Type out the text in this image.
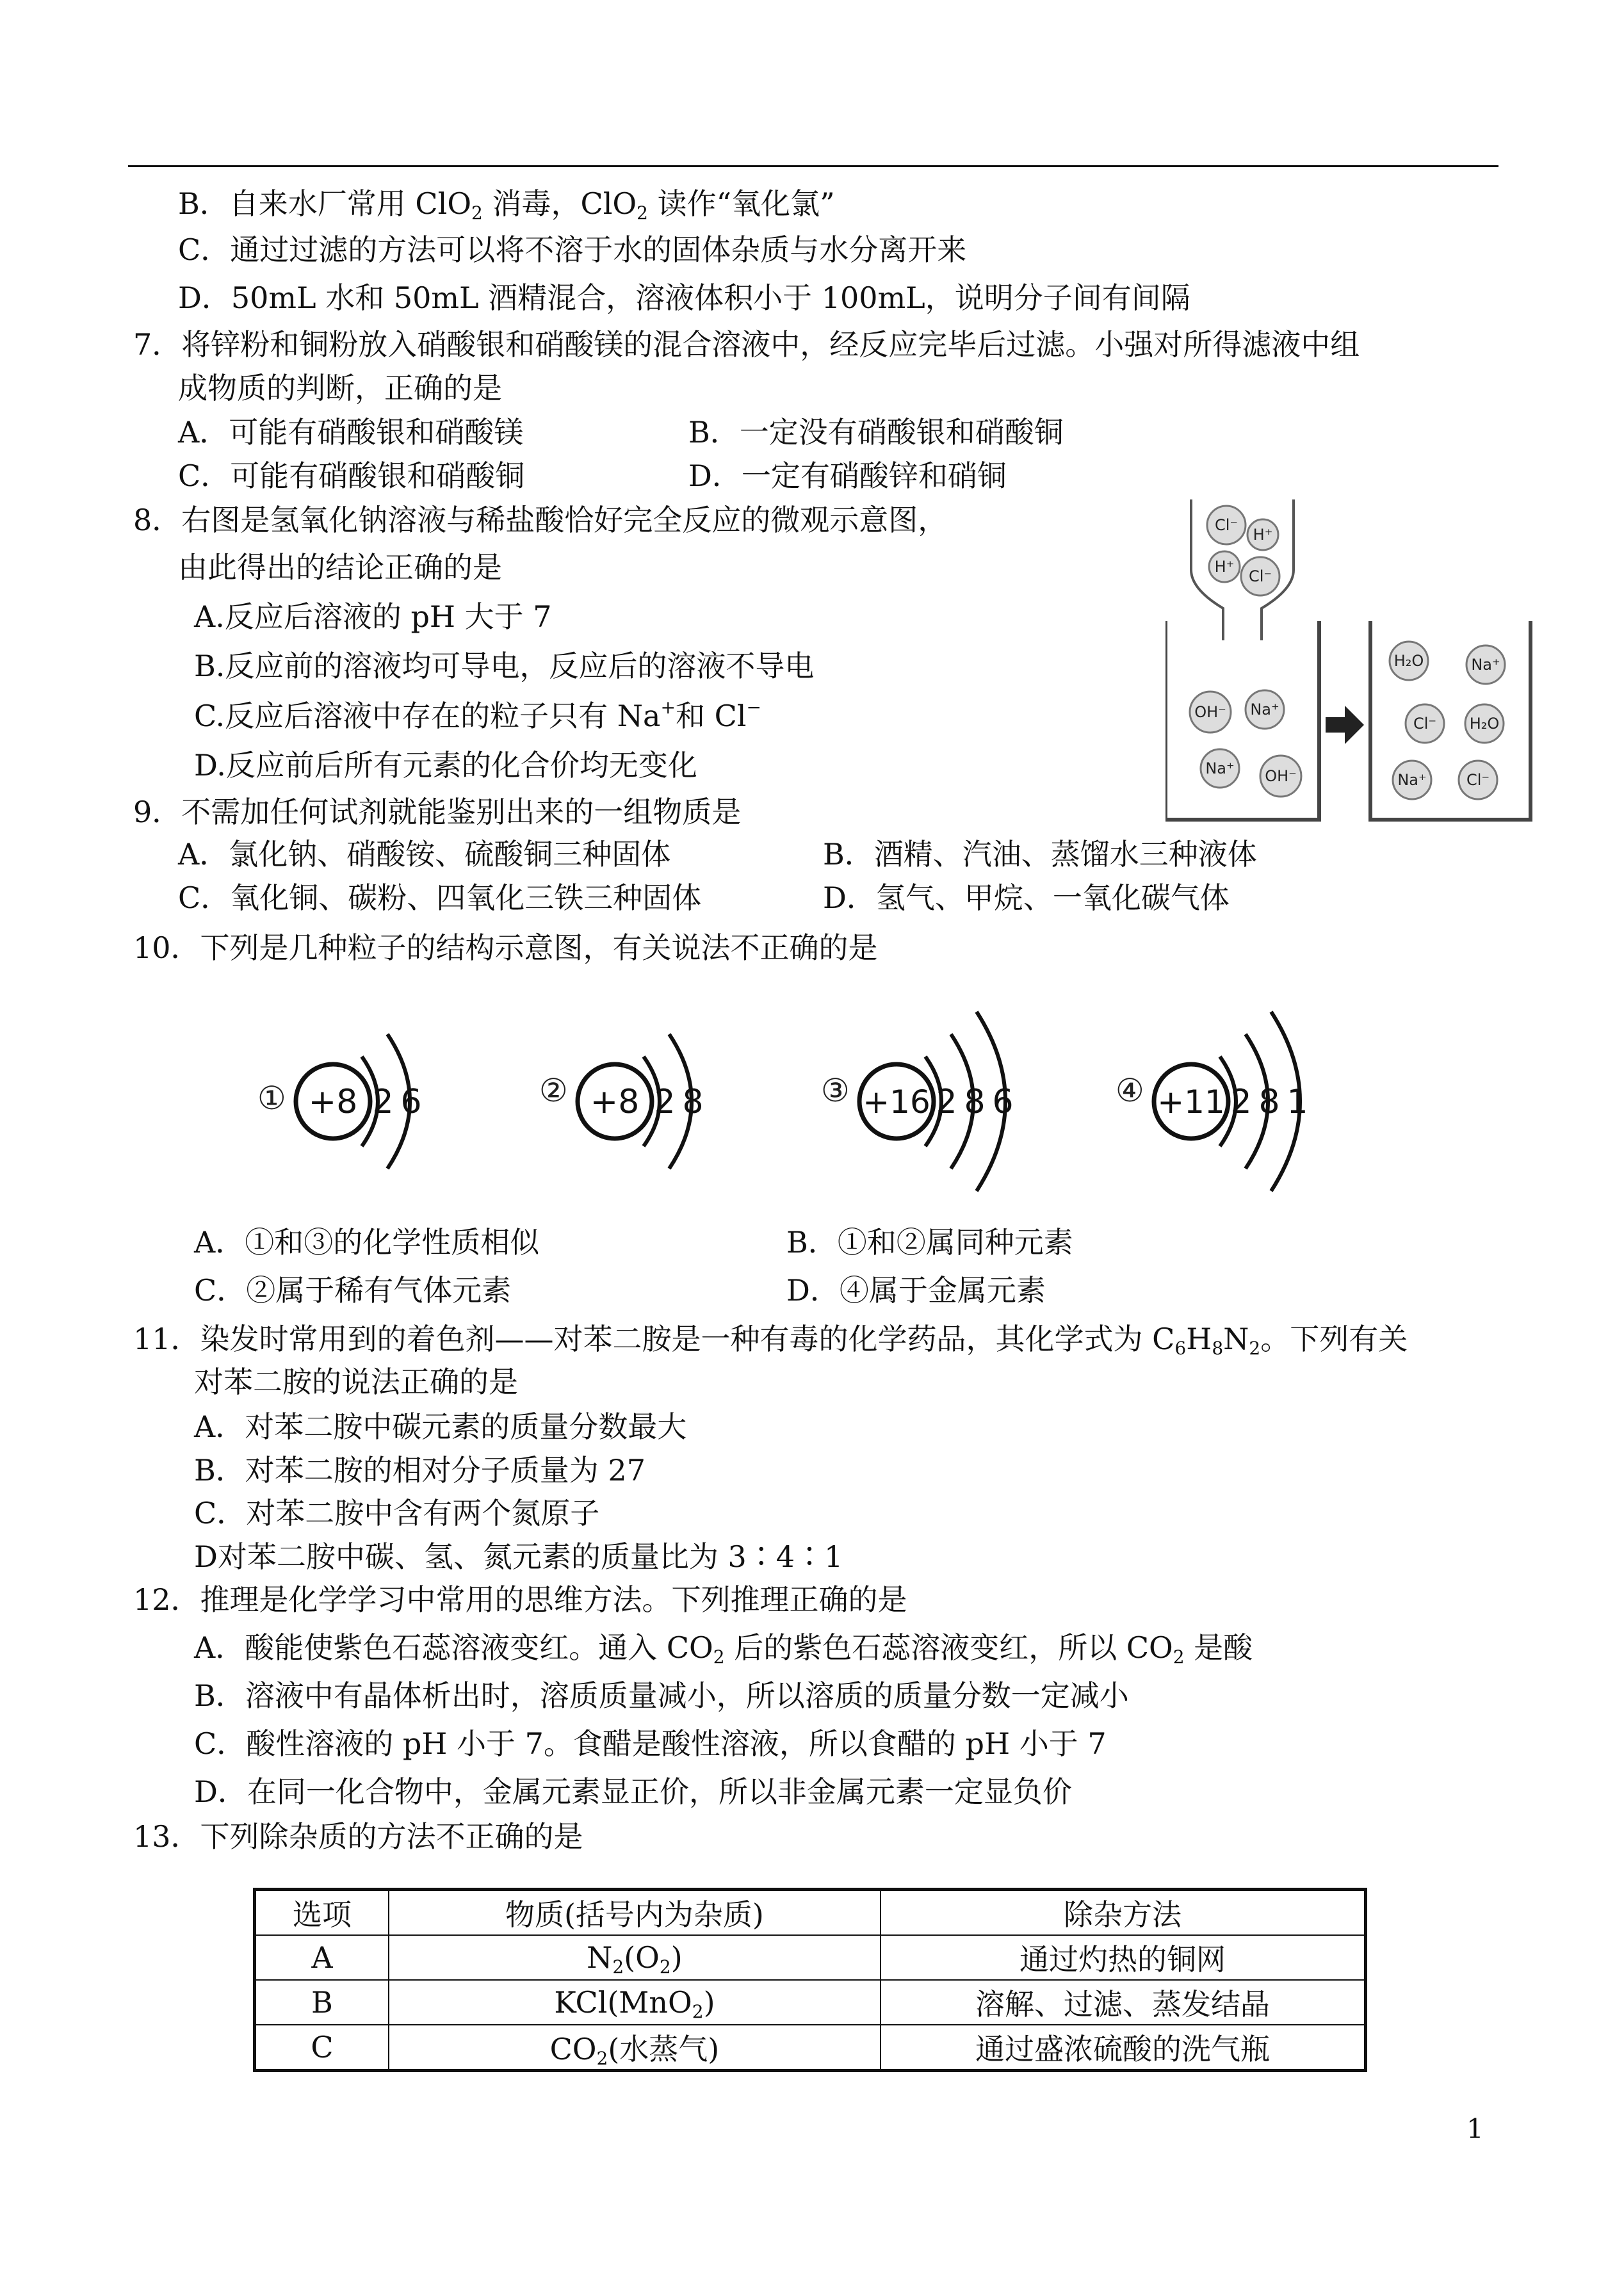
B．自来水厂常用 ClO$_2$ 消毒，ClO$_2$ 读作“氧化氯”
C．通过过滤的方法可以将不溶于水的固体杂质与水分离开来
D．50mL 水和 50mL 酒精混合，溶液体积小于 100mL，说明分子间有间隔
7．将锌粉和铜粉放入硝酸银和硝酸镁的混合溶液中，经反应完毕后过滤。小强对所得滤液中组
成物质的判断，正确的是
A．可能有硝酸银和硝酸镁	B．一定没有硝酸银和硝酸铜
C．可能有硝酸银和硝酸铜	D．一定有硝酸锌和硝铜
8．右图是氢氧化钠溶液与稀盐酸恰好完全反应的微观示意图，
由此得出的结论正确的是
A.反应后溶液的 pH 大于 7
B.反应前的溶液均可导电，反应后的溶液不导电
C.反应后溶液中存在的粒子只有 Na+和 Cl−
D.反应前后所有元素的化合价均无变化
Cl⁻
H⁺
H⁺
Cl⁻
OH⁻ Na⁺
Na⁺ OH⁻
H₂O	Na⁺
Cl⁻ H₂O
Na⁺	Cl⁻
9．不需加任何试剂就能鉴别出来的一组物质是
A．氯化钠、硝酸铵、硫酸铜三种固体	B．酒精、汽油、蒸馏水三种液体
C．氧化铜、碳粉、四氧化三铁三种固体	D．氢气、甲烷、一氧化碳气体
10．下列是几种粒子的结构示意图，有关说法不正确的是
① +8 2 6	② +8 2 8	③ +16 2 8 6	④ +11 2 8 1
A．①和③的化学性质相似	B．①和②属同种元素
C．②属于稀有气体元素	D．④属于金属元素
11．染发时常用到的着色剂——对苯二胺是一种有毒的化学药品，其化学式为 $C_6H_8N_2$。下列有关
对苯二胺的说法正确的是
A．对苯二胺中碳元素的质量分数最大
B．对苯二胺的相对分子质量为 27
C．对苯二胺中含有两个氮原子
D对苯二胺中碳、氢、氮元素的质量比为 3∶4∶1
12．推理是化学学习中常用的思维方法。下列推理正确的是
A．酸能使紫色石蕊溶液变红。通入 $CO_2$ 后的紫色石蕊溶液变红，所以 $CO_2$ 是酸
B．溶液中有晶体析出时，溶质质量减小，所以溶质的质量分数一定减小
C．酸性溶液的 pH 小于 7。食醋是酸性溶液，所以食醋的 pH 小于 7
D．在同一化合物中，金属元素显正价，所以非金属元素一定显负价
13．下列除杂质的方法不正确的是
选项	物质(括号内为杂质)	除杂方法
A	$N_2(O_2)$	通过灼热的铜网
B	KCl(MnO$_2$)	溶解、过滤、蒸发结晶
C	$CO_2$(水蒸气)	通过盛浓硫酸的洗气瓶
1
